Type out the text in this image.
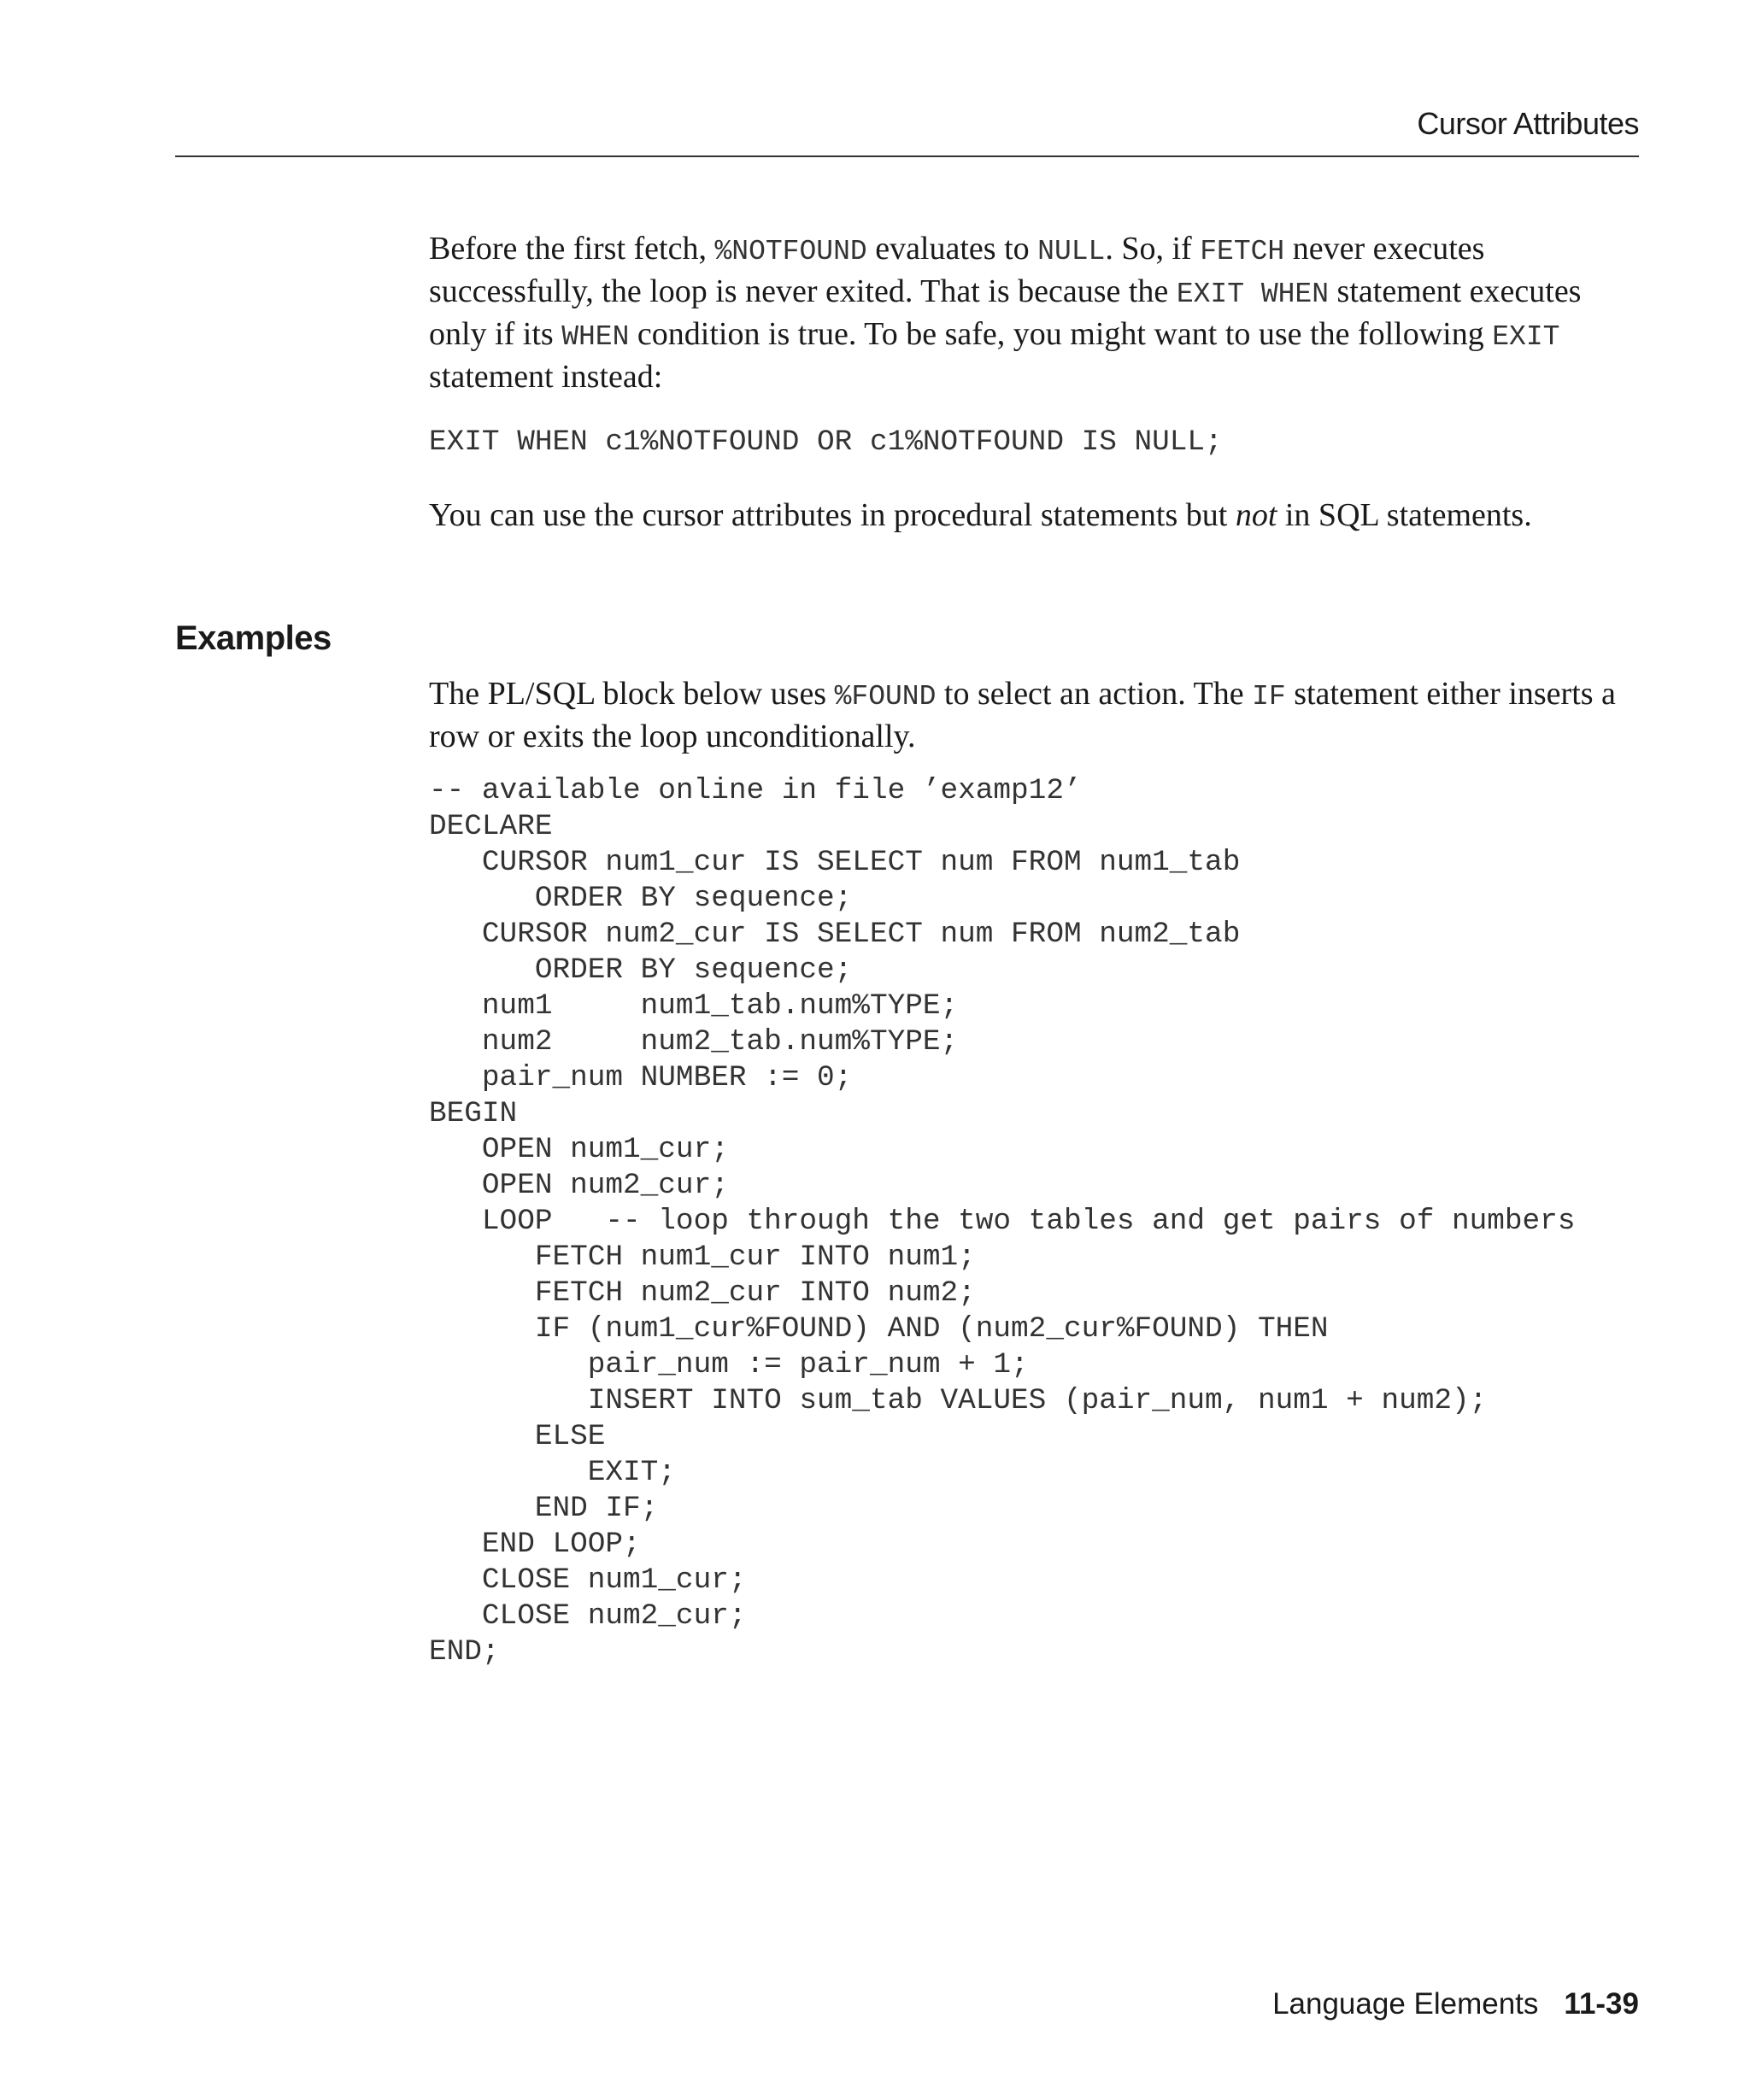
Cursor Attributes

Before the first fetch, %NOTFOUND evaluates to NULL. So, if FETCH never executes successfully, the loop is never exited. That is because the EXIT WHEN statement executes only if its WHEN condition is true. To be safe, you might want to use the following EXIT statement instead:

EXIT WHEN c1%NOTFOUND OR c1%NOTFOUND IS NULL;

You can use the cursor attributes in procedural statements but not in SQL statements.

Examples

The PL/SQL block below uses %FOUND to select an action. The IF statement either inserts a row or exits the loop unconditionally.

-- available online in file ’examp12’
DECLARE
CURSOR num1_cur IS SELECT num FROM num1_tab
ORDER BY sequence;
CURSOR num2_cur IS SELECT num FROM num2_tab
ORDER BY sequence;
num1     num1_tab.num%TYPE;
num2     num2_tab.num%TYPE;
pair_num NUMBER := 0;
BEGIN
OPEN num1_cur;
OPEN num2_cur;
LOOP   -- loop through the two tables and get pairs of numbers
FETCH num1_cur INTO num1;
FETCH num2_cur INTO num2;
IF (num1_cur%FOUND) AND (num2_cur%FOUND) THEN
pair_num := pair_num + 1;
INSERT INTO sum_tab VALUES (pair_num, num1 + num2);
ELSE
EXIT;
END IF;
END LOOP;
CLOSE num1_cur;
CLOSE num2_cur;
END;
Language Elements 11-39
